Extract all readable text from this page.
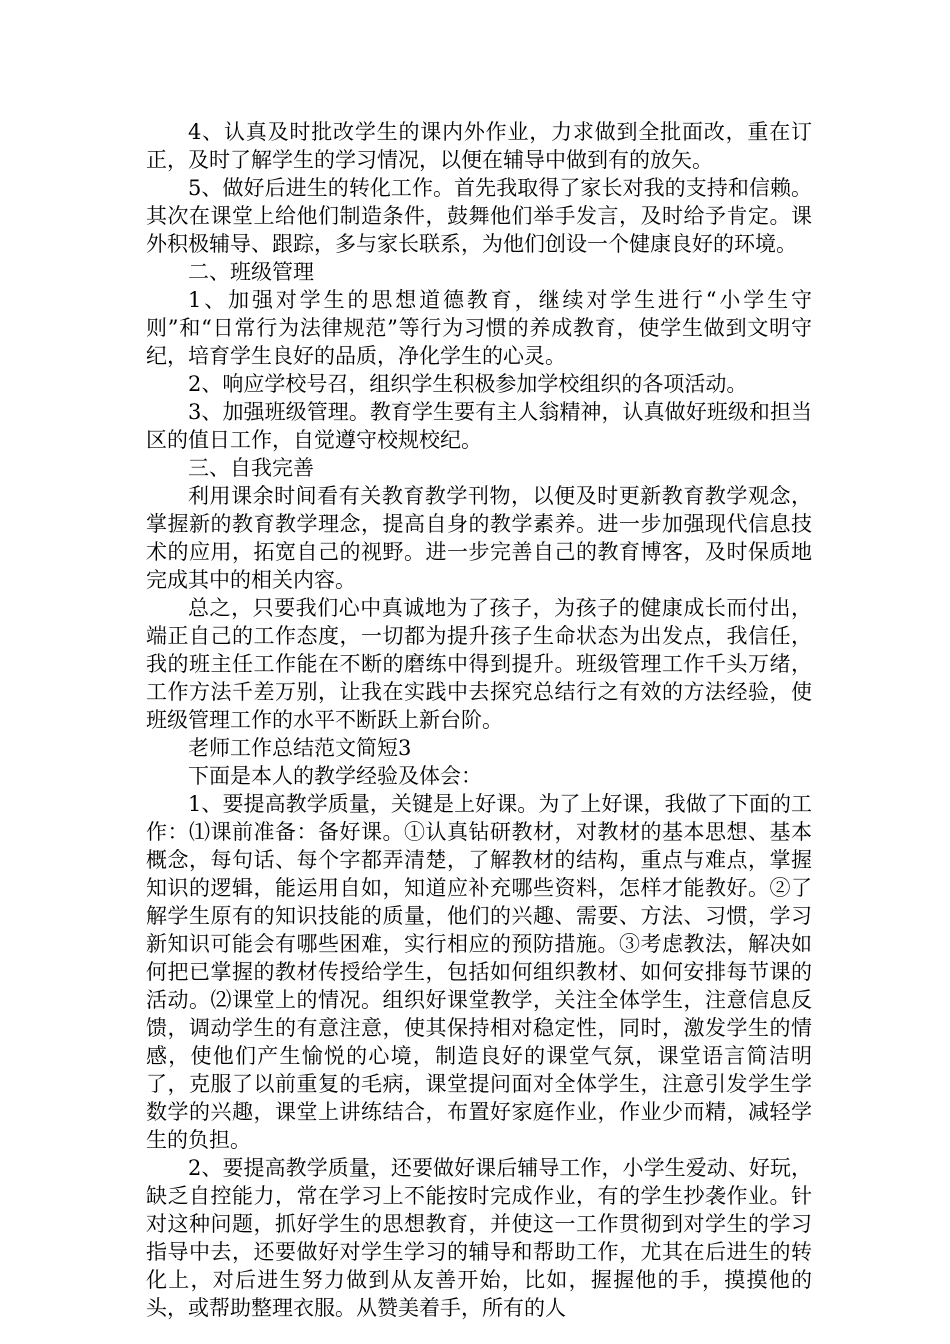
4、认真及时批改学生的课内外作业，力求做到全批面改，重在订正，及时了解学生的学习情况，以便在辅导中做到有的放矢。

5、做好后进生的转化工作。首先我取得了家长对我的支持和信赖。其次在课堂上给他们制造条件，鼓舞他们举手发言，及时给予肯定。课外积极辅导、跟踪，多与家长联系，为他们创设一个健康良好的环境。

二、班级管理

1、加强对学生的思想道德教育，继续对学生进行“小学生守则”和“日常行为法律规范”等行为习惯的养成教育，使学生做到文明守纪，培育学生良好的品质，净化学生的心灵。

2、响应学校号召，组织学生积极参加学校组织的各项活动。

3、加强班级管理。教育学生要有主人翁精神，认真做好班级和担当区的值日工作，自觉遵守校规校纪。

三、自我完善

利用课余时间看有关教育教学刊物，以便及时更新教育教学观念，掌握新的教育教学理念，提高自身的教学素养。进一步加强现代信息技术的应用，拓宽自己的视野。进一步完善自己的教育博客，及时保质地完成其中的相关内容。

总之，只要我们心中真诚地为了孩子，为孩子的健康成长而付出，端正自己的工作态度，一切都为提升孩子生命状态为出发点，我信任，我的班主任工作能在不断的磨练中得到提升。班级管理工作千头万绪，工作方法千差万别，让我在实践中去探究总结行之有效的方法经验，使班级管理工作的水平不断跃上新台阶。

老师工作总结范文简短3

下面是本人的教学经验及体会：

1、要提高教学质量，关键是上好课。为了上好课，我做了下面的工作：⑴课前准备：备好课。①认真钻研教材，对教材的基本思想、基本概念，每句话、每个字都弄清楚，了解教材的结构，重点与难点，掌握知识的逻辑，能运用自如，知道应补充哪些资料，怎样才能教好。②了解学生原有的知识技能的质量，他们的兴趣、需要、方法、习惯，学习新知识可能会有哪些困难，实行相应的预防措施。③考虑教法，解决如何把已掌握的教材传授给学生，包括如何组织教材、如何安排每节课的活动。⑵课堂上的情况。组织好课堂教学，关注全体学生，注意信息反馈，调动学生的有意注意，使其保持相对稳定性，同时，激发学生的情感，使他们产生愉悦的心境，制造良好的课堂气氛，课堂语言简洁明了，克服了以前重复的毛病，课堂提问面对全体学生，注意引发学生学数学的兴趣，课堂上讲练结合，布置好家庭作业，作业少而精，减轻学生的负担。

2、要提高教学质量，还要做好课后辅导工作，小学生爱动、好玩，缺乏自控能力，常在学习上不能按时完成作业，有的学生抄袭作业。针对这种问题，抓好学生的思想教育，并使这一工作贯彻到对学生的学习指导中去，还要做好对学生学习的辅导和帮助工作，尤其在后进生的转化上，对后进生努力做到从友善开始，比如，握握他的手，摸摸他的头，或帮助整理衣服。从赞美着手，所有的人
